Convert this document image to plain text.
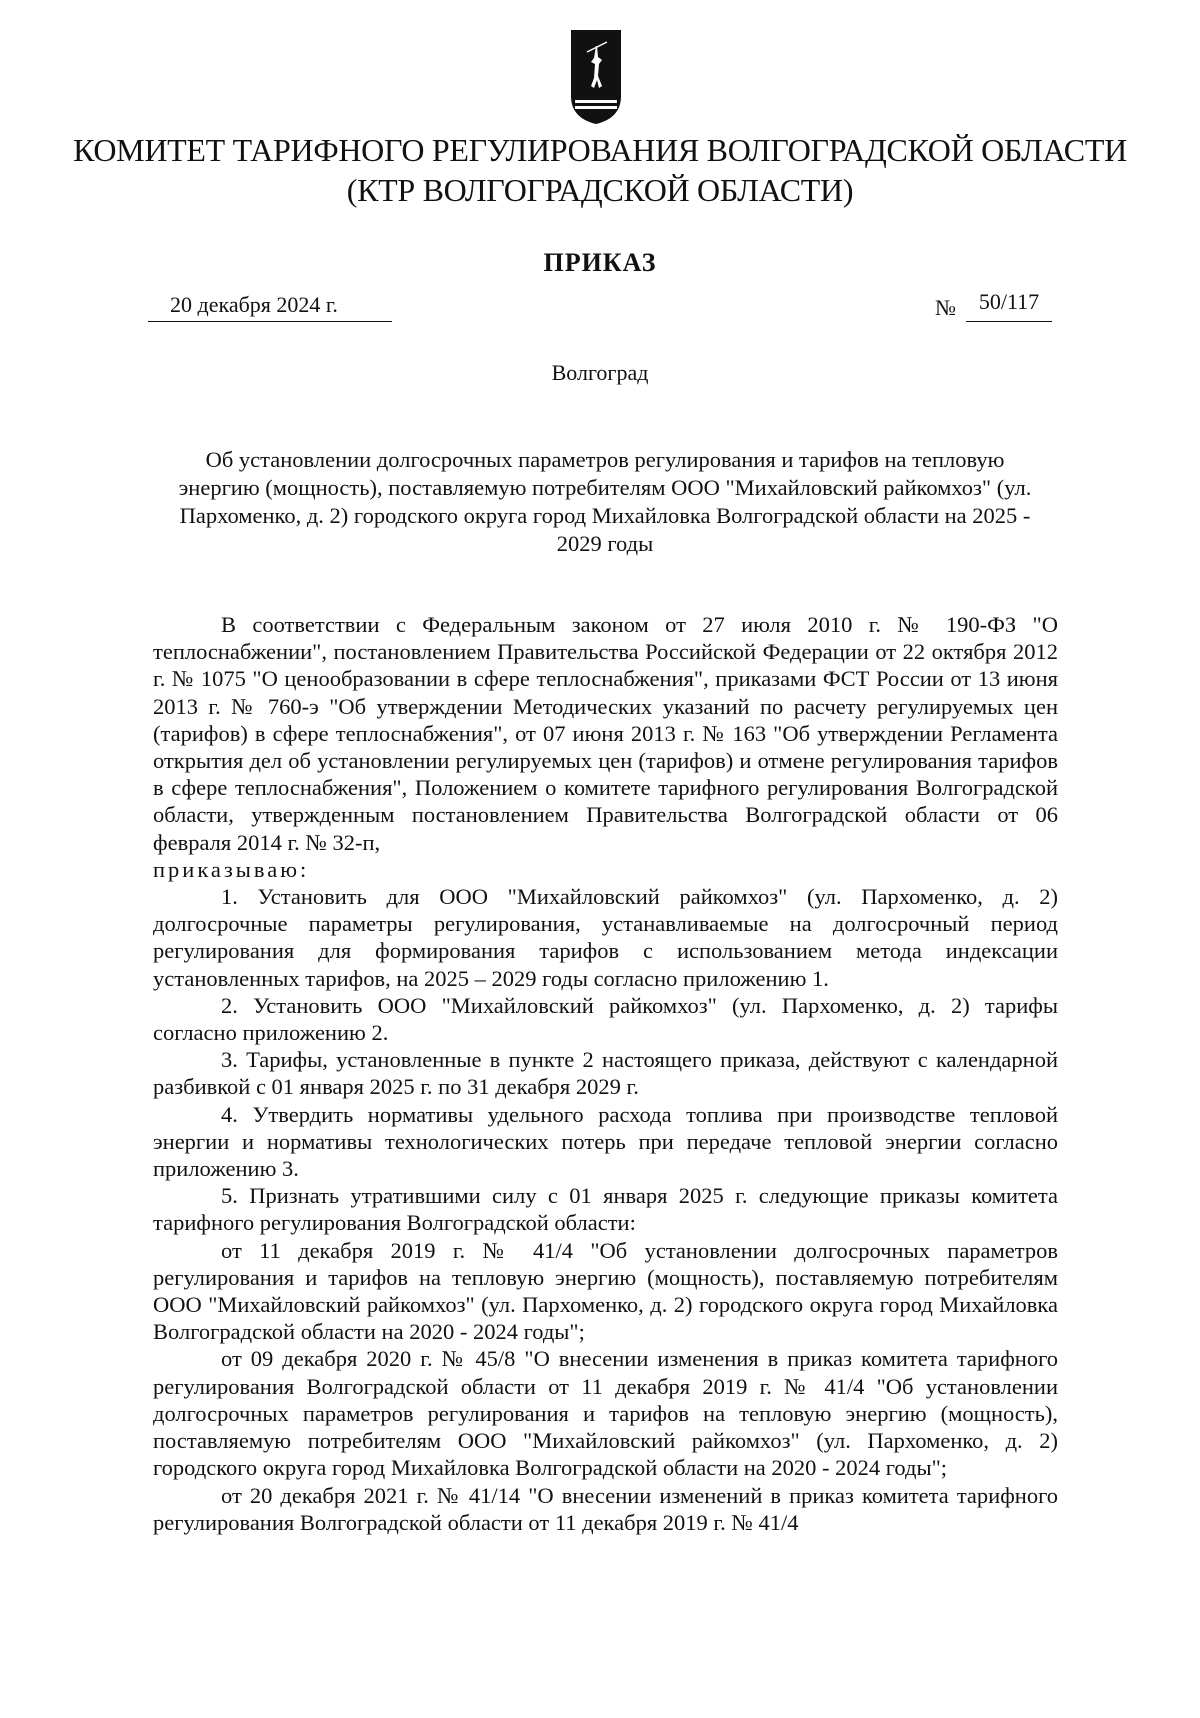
КОМИТЕТ ТАРИФНОГО РЕГУЛИРОВАНИЯ ВОЛГОГРАДСКОЙ ОБЛАСТИ
(КТР ВОЛГОГРАДСКОЙ ОБЛАСТИ)
ПРИКАЗ
20 декабря 2024 г.	№	50/117
Волгоград
Об установлении долгосрочных параметров регулирования и тарифов на тепловую энергию (мощность), поставляемую потребителям ООО "Михайловский райкомхоз" (ул. Пархоменко, д. 2) городского округа город Михайловка Волгоградской области на 2025 - 2029 годы

В соответствии с Федеральным законом от 27 июля 2010 г. № 190-ФЗ "О теплоснабжении", постановлением Правительства Российской Федерации от 22 октября 2012 г. № 1075 "О ценообразовании в сфере теплоснабжения", приказами ФСТ России от 13 июня 2013 г. № 760-э "Об утверждении Методических указаний по расчету регулируемых цен (тарифов) в сфере теплоснабжения", от 07 июня 2013 г. № 163 "Об утверждении Регламента открытия дел об установлении регулируемых цен (тарифов) и отмене регулирования тарифов в сфере теплоснабжения", Положением о комитете тарифного регулирования Волгоградской области, утвержденным постановлением Правительства Волгоградской области от 06 февраля 2014 г. № 32-п,

приказываю:

1. Установить для ООО "Михайловский райкомхоз" (ул. Пархоменко, д. 2) долгосрочные параметры регулирования, устанавливаемые на долгосрочный период регулирования для формирования тарифов с использованием метода индексации установленных тарифов, на 2025 – 2029 годы согласно приложению 1.

2. Установить ООО "Михайловский райкомхоз" (ул. Пархоменко, д. 2) тарифы согласно приложению 2.

3. Тарифы, установленные в пункте 2 настоящего приказа, действуют с календарной разбивкой с 01 января 2025 г. по 31 декабря 2029 г.

4. Утвердить нормативы удельного расхода топлива при производстве тепловой энергии и нормативы технологических потерь при передаче тепловой энергии согласно приложению 3.

5. Признать утратившими силу с 01 января 2025 г. следующие приказы комитета тарифного регулирования Волгоградской области:

от 11 декабря 2019 г. № 41/4 "Об установлении долгосрочных параметров регулирования и тарифов на тепловую энергию (мощность), поставляемую потребителям ООО "Михайловский райкомхоз" (ул. Пархоменко, д. 2) городского округа город Михайловка Волгоградской области на 2020 - 2024 годы";

от 09 декабря 2020 г. № 45/8 "О внесении изменения в приказ комитета тарифного регулирования Волгоградской области от 11 декабря 2019 г. № 41/4 "Об установлении долгосрочных параметров регулирования и тарифов на тепловую энергию (мощность), поставляемую потребителям ООО "Михайловский райкомхоз" (ул. Пархоменко, д. 2) городского округа город Михайловка Волгоградской области на 2020 - 2024 годы";

от 20 декабря 2021 г. № 41/14 "О внесении изменений в приказ комитета тарифного регулирования Волгоградской области от 11 декабря 2019 г. № 41/4
